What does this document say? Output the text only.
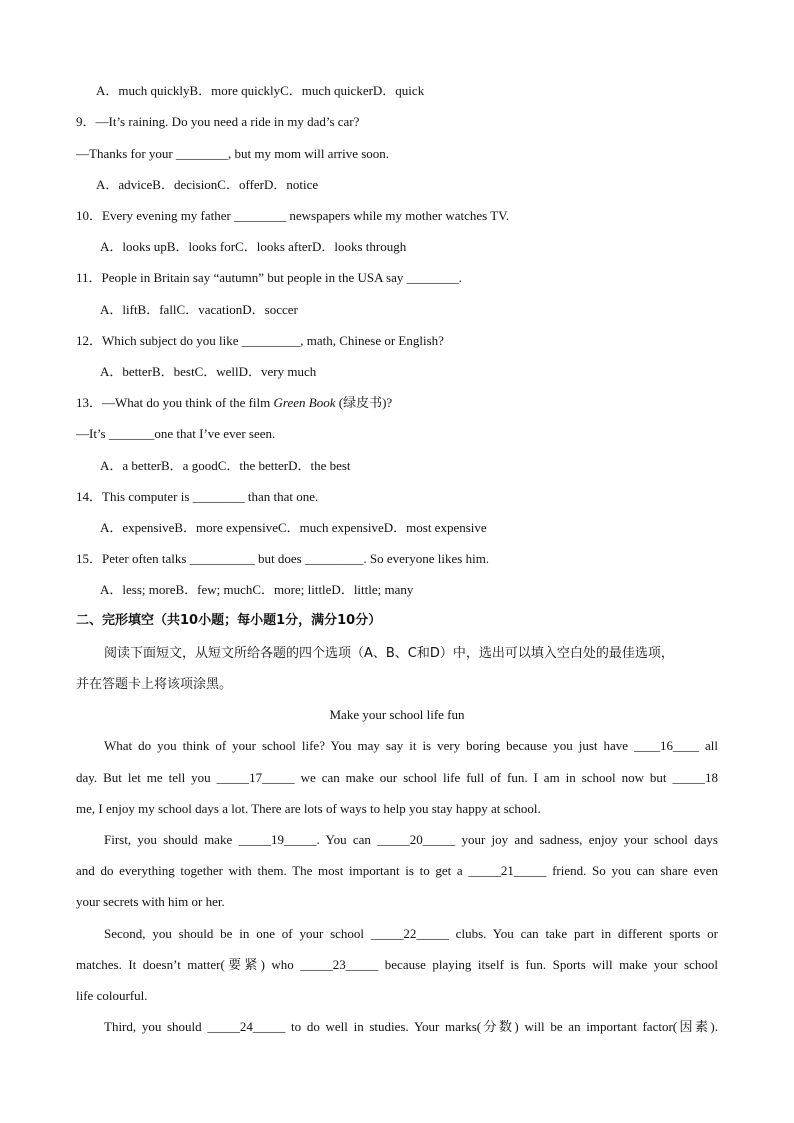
A．much quicklyB．more quicklyC．much quickerD．quick
9．—It’s raining. Do you need a ride in my dad’s car?
—Thanks for your ________, but my mom will arrive soon.
A．adviceB．decisionC．offerD．notice
10．Every evening my father ________ newspapers while my mother watches TV.
A．looks upB．looks forC．looks afterD．looks through
11．People in Britain say “autumn” but people in the USA say ________.
A．liftB．fallC．vacationD．soccer
12．Which subject do you like _________, math, Chinese or English?
A．betterB．bestC．wellD．very much
13．—What do you think of the film Green Book (绿皮书)?
—It’s _______one that I’ve ever seen.
A．a betterB．a goodC．the betterD．the best
14．This computer is ________ than that one.
A．expensiveB．more expensiveC．much expensiveD．most expensive
15．Peter often talks __________ but does _________. So everyone likes him.
A．less; moreB．few; muchC．more; littleD．little; many
二、完形填空（共10小题；每小题1分，满分10分）
阅读下面短文，从短文所给各题的四个选项（A、B、C和D）中，选出可以填入空白处的最佳选项，
并在答题卡上将该项涂黑。
Make your school life fun
What do you think of your school life? You may say it is very boring because you just have ____16____ all
day. But let me tell you _____17_____ we can make our school life full of fun. I am in school now but _____18
me, I enjoy my school days a lot. There are lots of ways to help you stay happy at school.
First, you should make _____19_____. You can _____20_____ your joy and sadness, enjoy your school days
and do everything together with them. The most important is to get a _____21_____ friend. So you can share even
your secrets with him or her.
Second, you should be in one of your school _____22_____ clubs. You can take part in different sports or
matches. It doesn’t matter(要紧) who _____23_____ because playing itself is fun. Sports will make your school
life colourful.
Third, you should _____24_____ to do well in studies. Your marks(分数) will be an important factor(因素).
